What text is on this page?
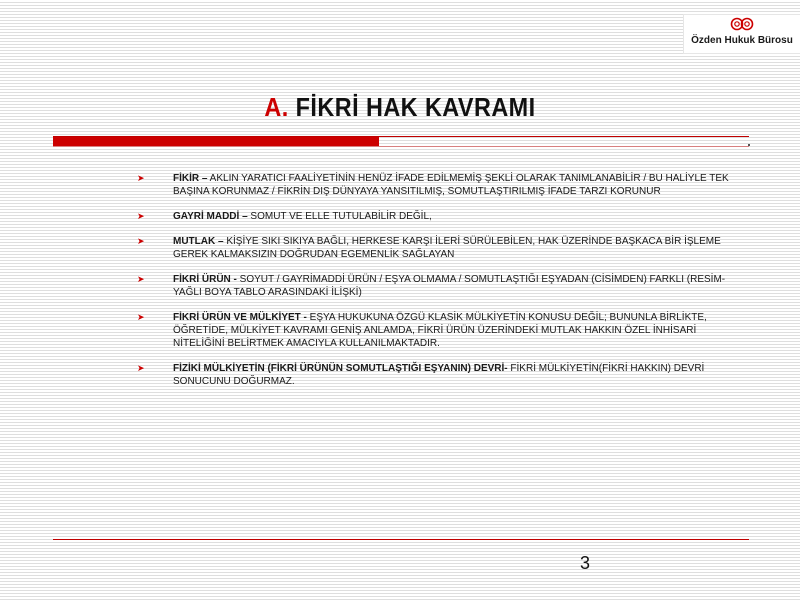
Özden Hukuk Bürosu
A. FİKRİ HAK KAVRAMI
➤	FİKİR – AKLIN YARATICI FAALİYETİNİN HENÜZ İFADE EDİLMEMİŞ ŞEKLİ OLARAK TANIMLANABİLİR / BU HALİYLE TEK BAŞINA KORUNMAZ / FİKRİN DIŞ DÜNYAYA YANSITILMIŞ, SOMUTLAŞTIRILMIŞ İFADE TARZI KORUNUR
➤	GAYRİ MADDİ – SOMUT VE ELLE TUTULABİLİR DEĞİL,
➤	MUTLAK – KİŞİYE SIKI SIKIYA BAĞLI, HERKESE KARŞI İLERİ SÜRÜLEBİLEN, HAK ÜZERİNDE BAŞKACA BİR İŞLEME GEREK KALMAKSIZIN DOĞRUDAN EGEMENLİK SAĞLAYAN
➤	FİKRİ ÜRÜN - SOYUT / GAYRİMADDİ ÜRÜN / EŞYA OLMAMA / SOMUTLAŞTIĞI EŞYADAN (CİSİMDEN) FARKLI (RESİM-YAĞLI BOYA TABLO ARASINDAKİ İLİŞKİ)
➤	FİKRİ ÜRÜN VE MÜLKİYET - EŞYA HUKUKUNA ÖZGÜ KLASİK MÜLKİYETİN KONUSU DEĞİL; BUNUNLA BİRLİKTE, ÖĞRETİDE, MÜLKİYET KAVRAMI GENİŞ ANLAMDA, FİKRİ ÜRÜN ÜZERİNDEKİ MUTLAK HAKKIN ÖZEL İNHİSARİ NİTELİĞİNİ BELİRTMEK AMACIYLA KULLANILMAKTADIR.
➤	FİZİKİ MÜLKİYETİN (FİKRİ ÜRÜNÜN SOMUTLAŞTIĞI EŞYANIN) DEVRİ- FİKRİ MÜLKİYETİN(FİKRİ HAKKIN) DEVRİ SONUCUNU DOĞURMAZ.
3
